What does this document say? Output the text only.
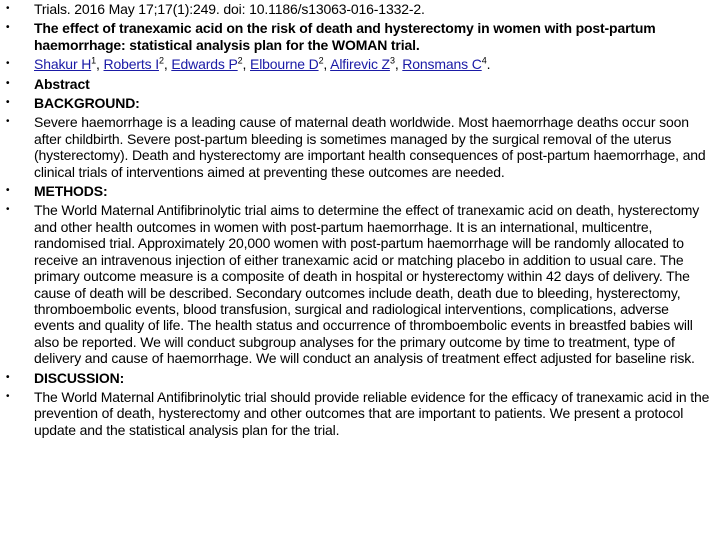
• Trials. 2016 May 17;17(1):249. doi: 10.1186/s13063-016-1332-2.
• The effect of tranexamic acid on the risk of death and hysterectomy in women with post-partum haemorrhage: statistical analysis plan for the WOMAN trial.
• Shakur $H^1$, Roberts $I^2$, Edwards $P^2$, Elbourne $D^2$, Alfirevic $Z^3$, Ronsmans $C^4$.
• Abstract
• BACKGROUND:
• Severe haemorrhage is a leading cause of maternal death worldwide. Most haemorrhage deaths occur soon after childbirth. Severe post-partum bleeding is sometimes managed by the surgical removal of the uterus (hysterectomy). Death and hysterectomy are important health consequences of post-partum haemorrhage, and clinical trials of interventions aimed at preventing these outcomes are needed.
• METHODS:
• The World Maternal Antifibrinolytic trial aims to determine the effect of tranexamic acid on death, hysterectomy and other health outcomes in women with post-partum haemorrhage. It is an international, multicentre, randomised trial. Approximately 20,000 women with post-partum haemorrhage will be randomly allocated to receive an intravenous injection of either tranexamic acid or matching placebo in addition to usual care. The primary outcome measure is a composite of death in hospital or hysterectomy within 42 days of delivery. The cause of death will be described. Secondary outcomes include death, death due to bleeding, hysterectomy, thromboembolic events, blood transfusion, surgical and radiological interventions, complications, adverse events and quality of life. The health status and occurrence of thromboembolic events in breastfed babies will also be reported. We will conduct subgroup analyses for the primary outcome by time to treatment, type of delivery and cause of haemorrhage. We will conduct an analysis of treatment effect adjusted for baseline risk.
• DISCUSSION:
• The World Maternal Antifibrinolytic trial should provide reliable evidence for the efficacy of tranexamic acid in the prevention of death, hysterectomy and other outcomes that are important to patients. We present a protocol update and the statistical analysis plan for the trial.
